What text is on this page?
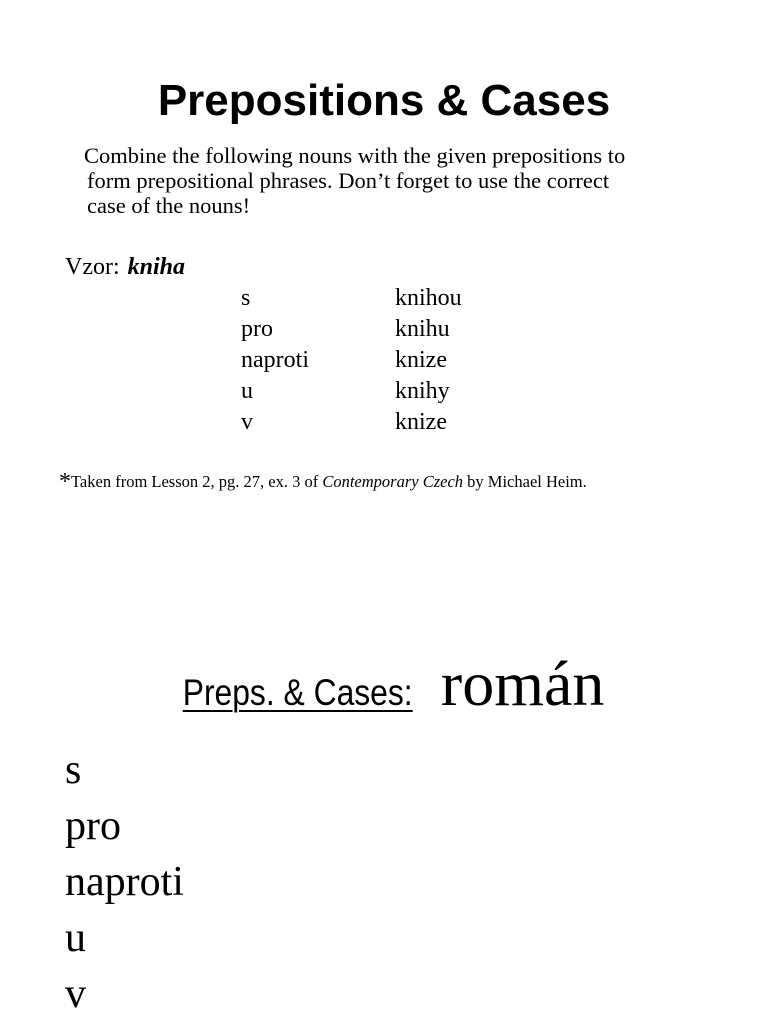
Prepositions & Cases
Combine the following nouns with the given prepositions to
form prepositional phrases. Don’t forget to use the correct
case of the nouns!
Vzor: kniha
s	knihou
pro	knihu
naproti	knize
u	knihy
v	knize
*Taken from Lesson 2, pg. 27, ex. 3 of Contemporary Czech by Michael Heim.
Preps. & Cases: román
s
pro
naproti
u
v
